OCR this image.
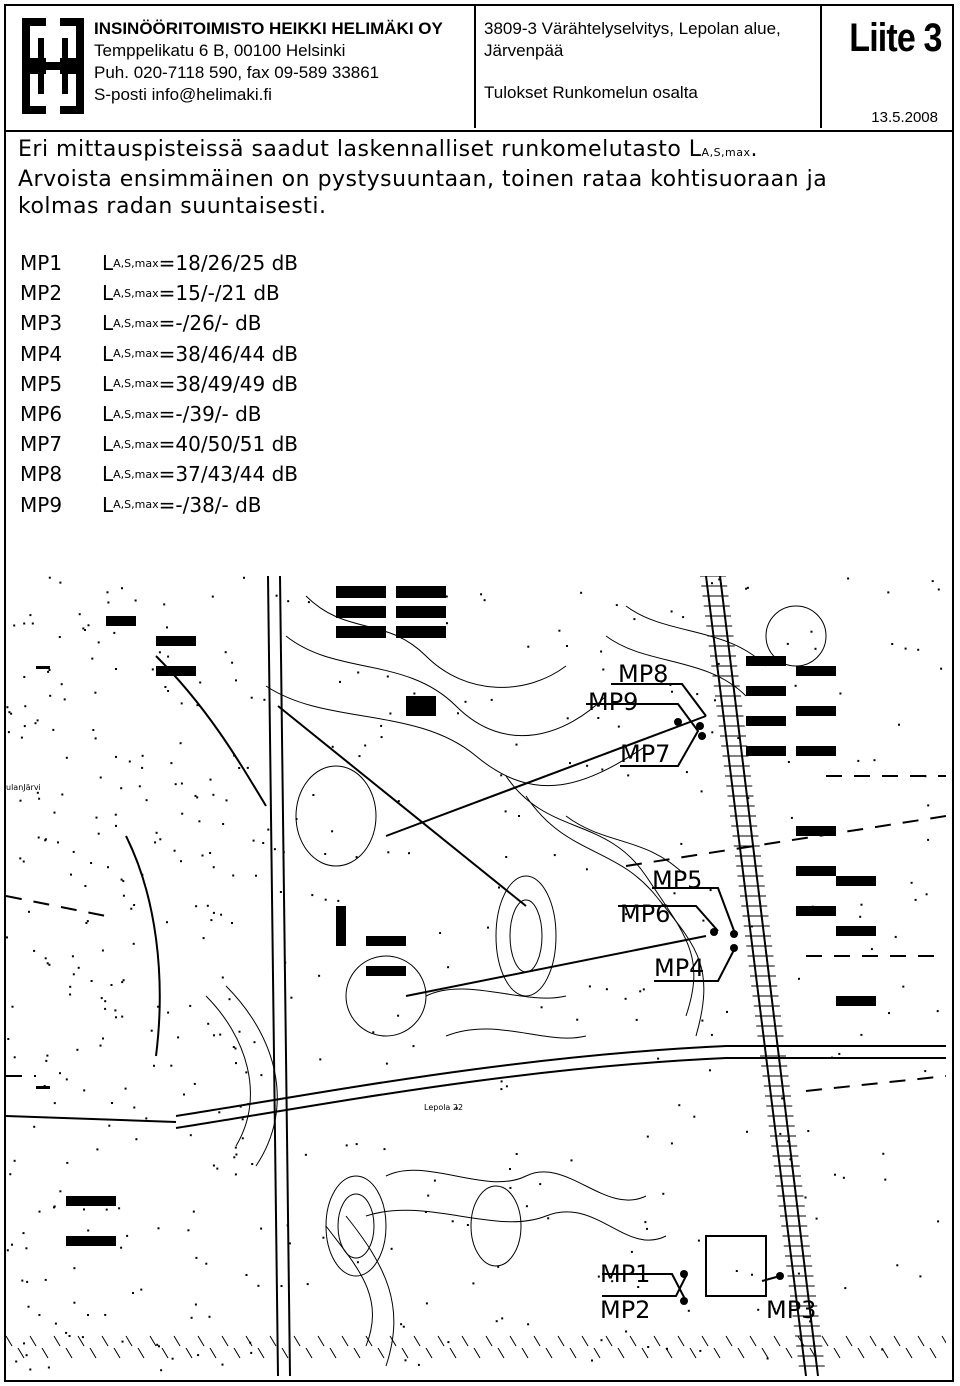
INSINÖÖRITOIMISTO HEIKKI HELIMÄKI OY
Temppelikatu 6 B, 00100 Helsinki
Puh. 020-7118 590, fax 09-589 33861
S-posti info@helimaki.fi
3809-3 Värähtelyselvitys, Lepolan alue,
Järvenpää
Tulokset Runkomelun osalta
Liite 3
13.5.2008
Eri mittauspisteissä saadut laskennalliset runkomelutasto LA,S,max.
Arvoista ensimmäinen on pystysuuntaan, toinen rataa kohtisuoraan ja
kolmas radan suuntaisesti.
MP1	L A,S,max =18/26/25 dB
MP2	L A,S,max =15/-/21 dB
MP3	L A,S,max =-/26/- dB
MP4	L A,S,max =38/46/44 dB
MP5	L A,S,max =38/49/49 dB
MP6	L A,S,max =-/39/- dB
MP7	L A,S,max =40/50/51 dB
MP8	L A,S,max =37/43/44 dB
MP9	L A,S,max =-/38/- dB
MP8
MP9
MP7
MP5
MP6
MP4
MP1
MP2	MP3
ulanJärvi
Lepola 22
